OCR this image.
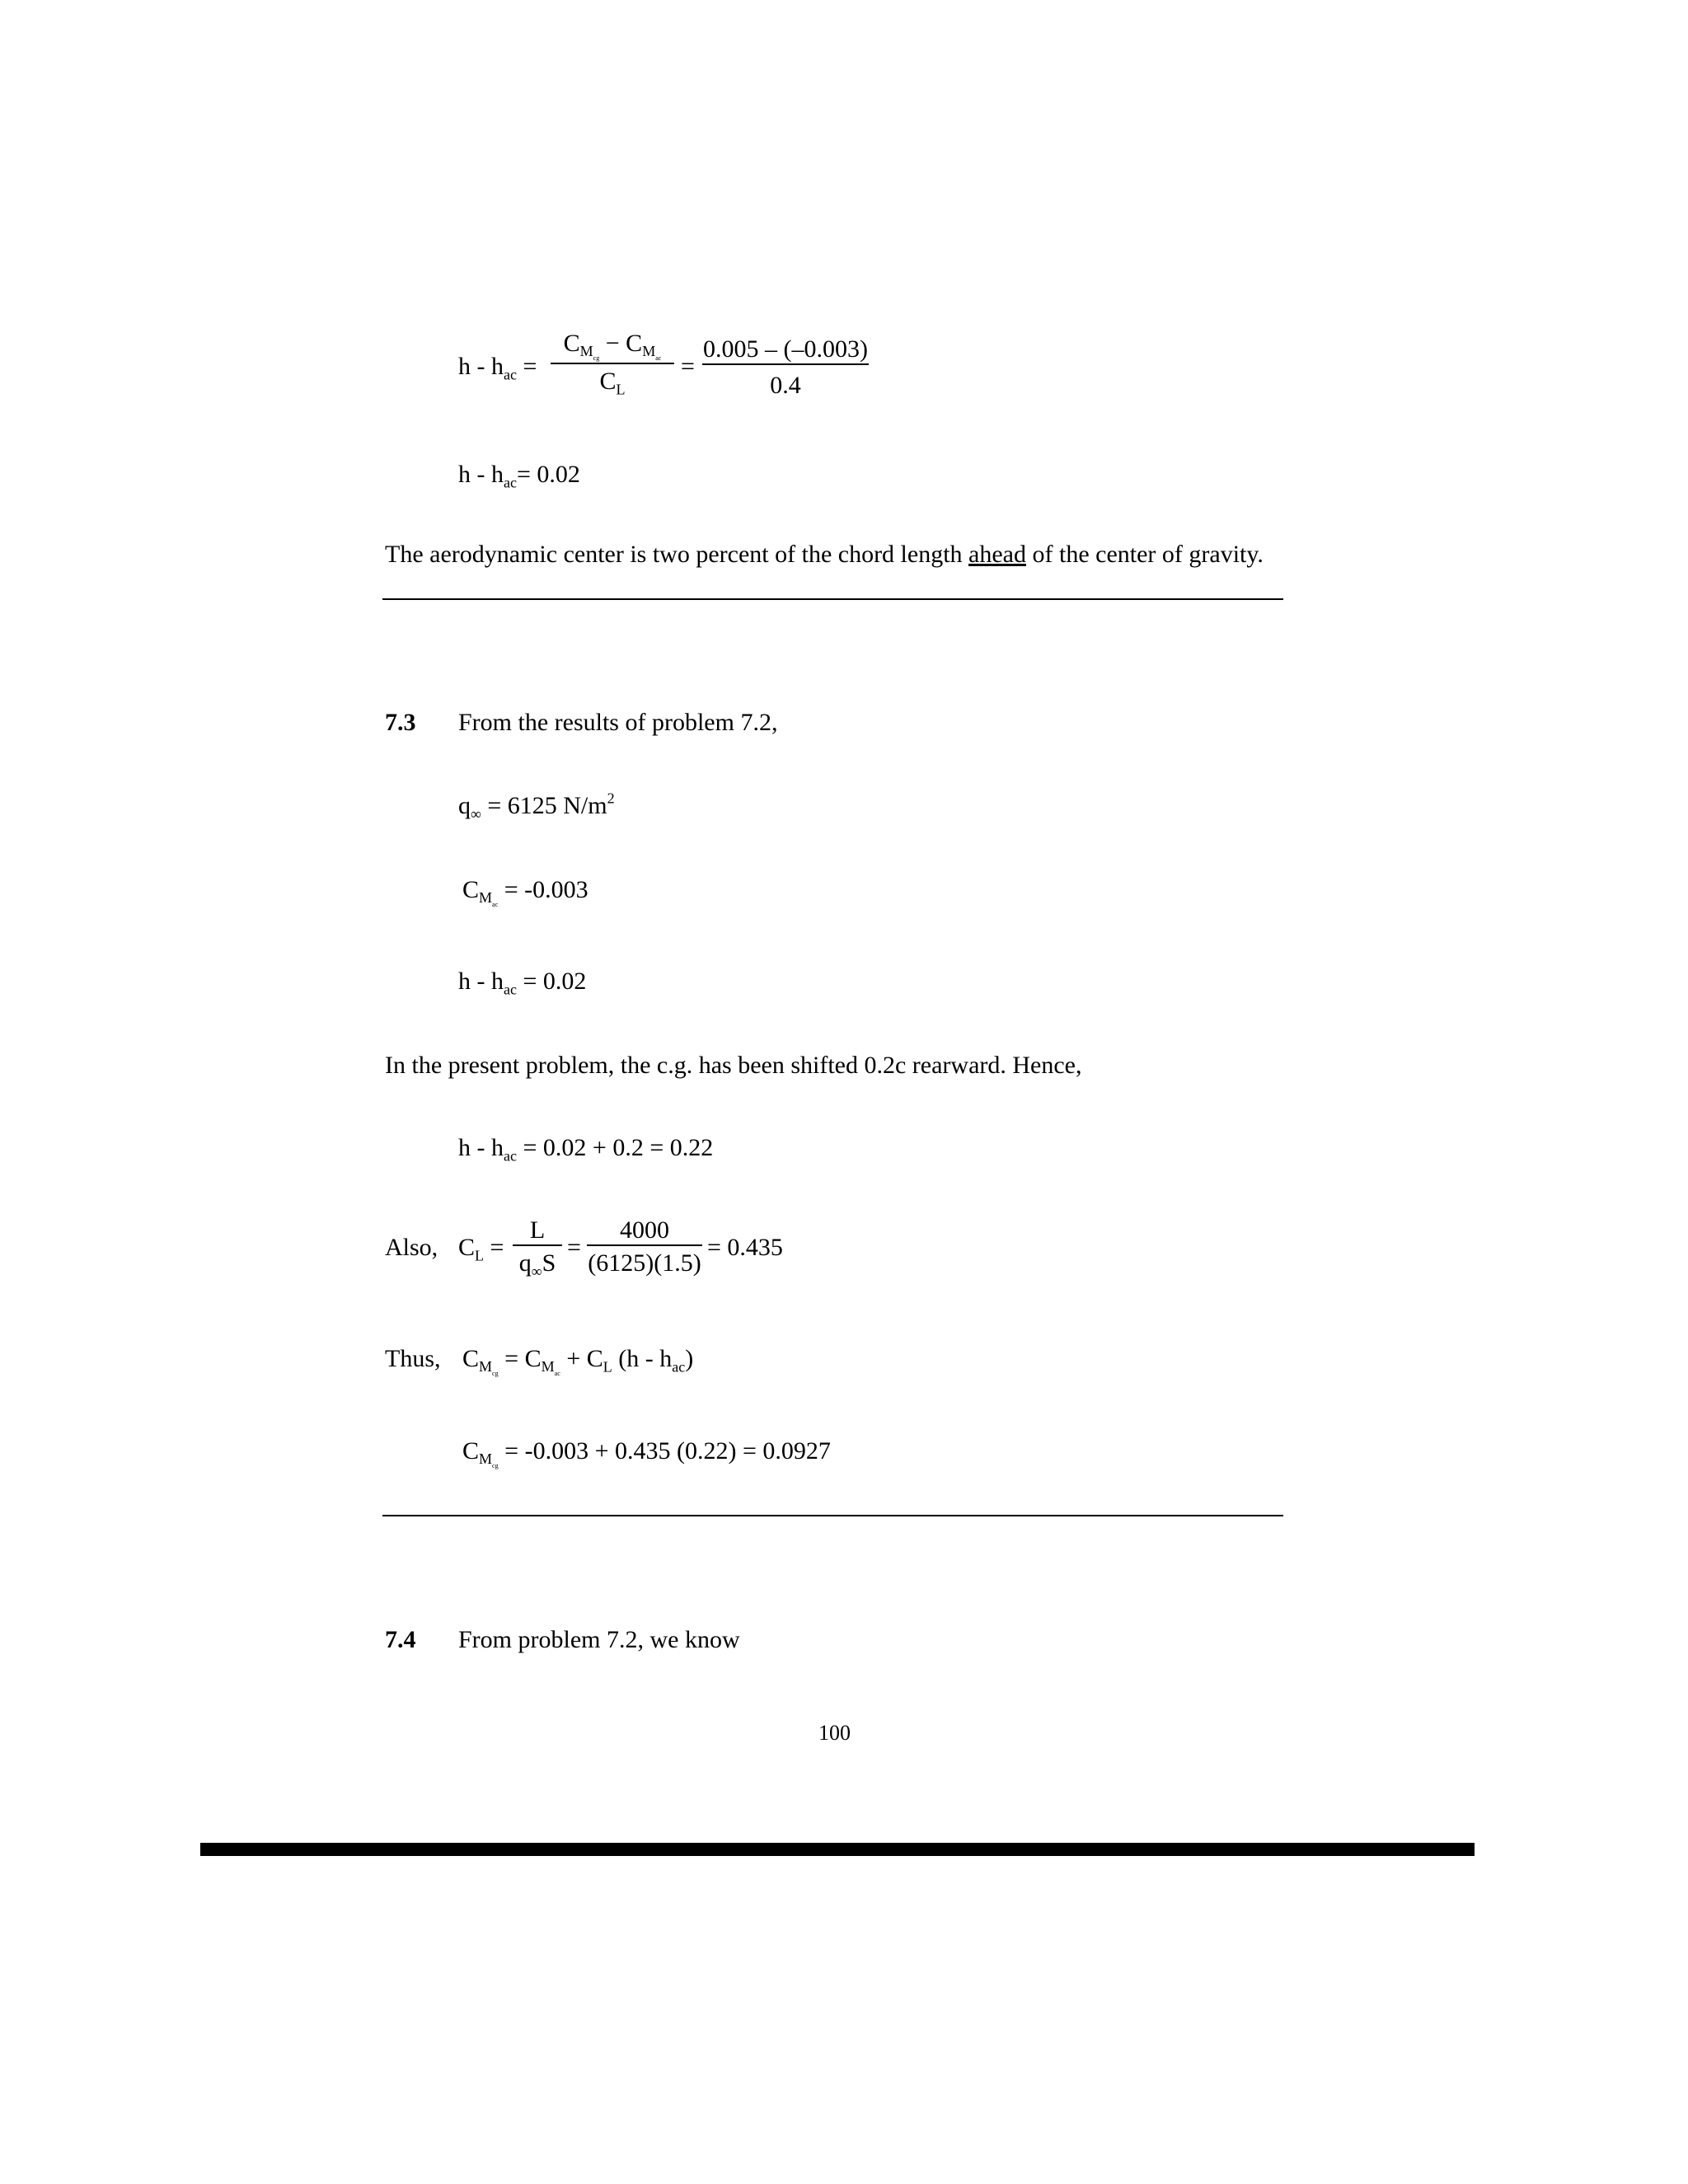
h - $h_{ac}$ =
$C_{M_{cg}} - C_{M_{ac}}$
$C_L$
=
0.005 – (–0.003)
0.4
$h - h_{ac}= 0.02$
The aerodynamic center is two percent of the chord length ahead of the center of gravity.
7.3 From the results of problem 7.2,
$q_\infty = 6125$ $N/m^2$
$C_{M_{ac}} = -0.003$
$h - h_{ac} = 0.02$
In the present problem, the c.g. has been shifted 0.2c rearward. Hence,
$h - h_{ac} = 0.02 + 0.2 = 0.22$
Also, $C_L$ =
L
$q_\infty S$
=
4000
(6125)(1.5)
= 0.435
Thus, $C_{M_{cg}} = C_{M_{ac}} + C_L$ $(h - h_{ac})$
$C_{M_{cg}} = -0.003 + 0.435$ (0.22) = 0.0927
7.4 From problem 7.2, we know
100
